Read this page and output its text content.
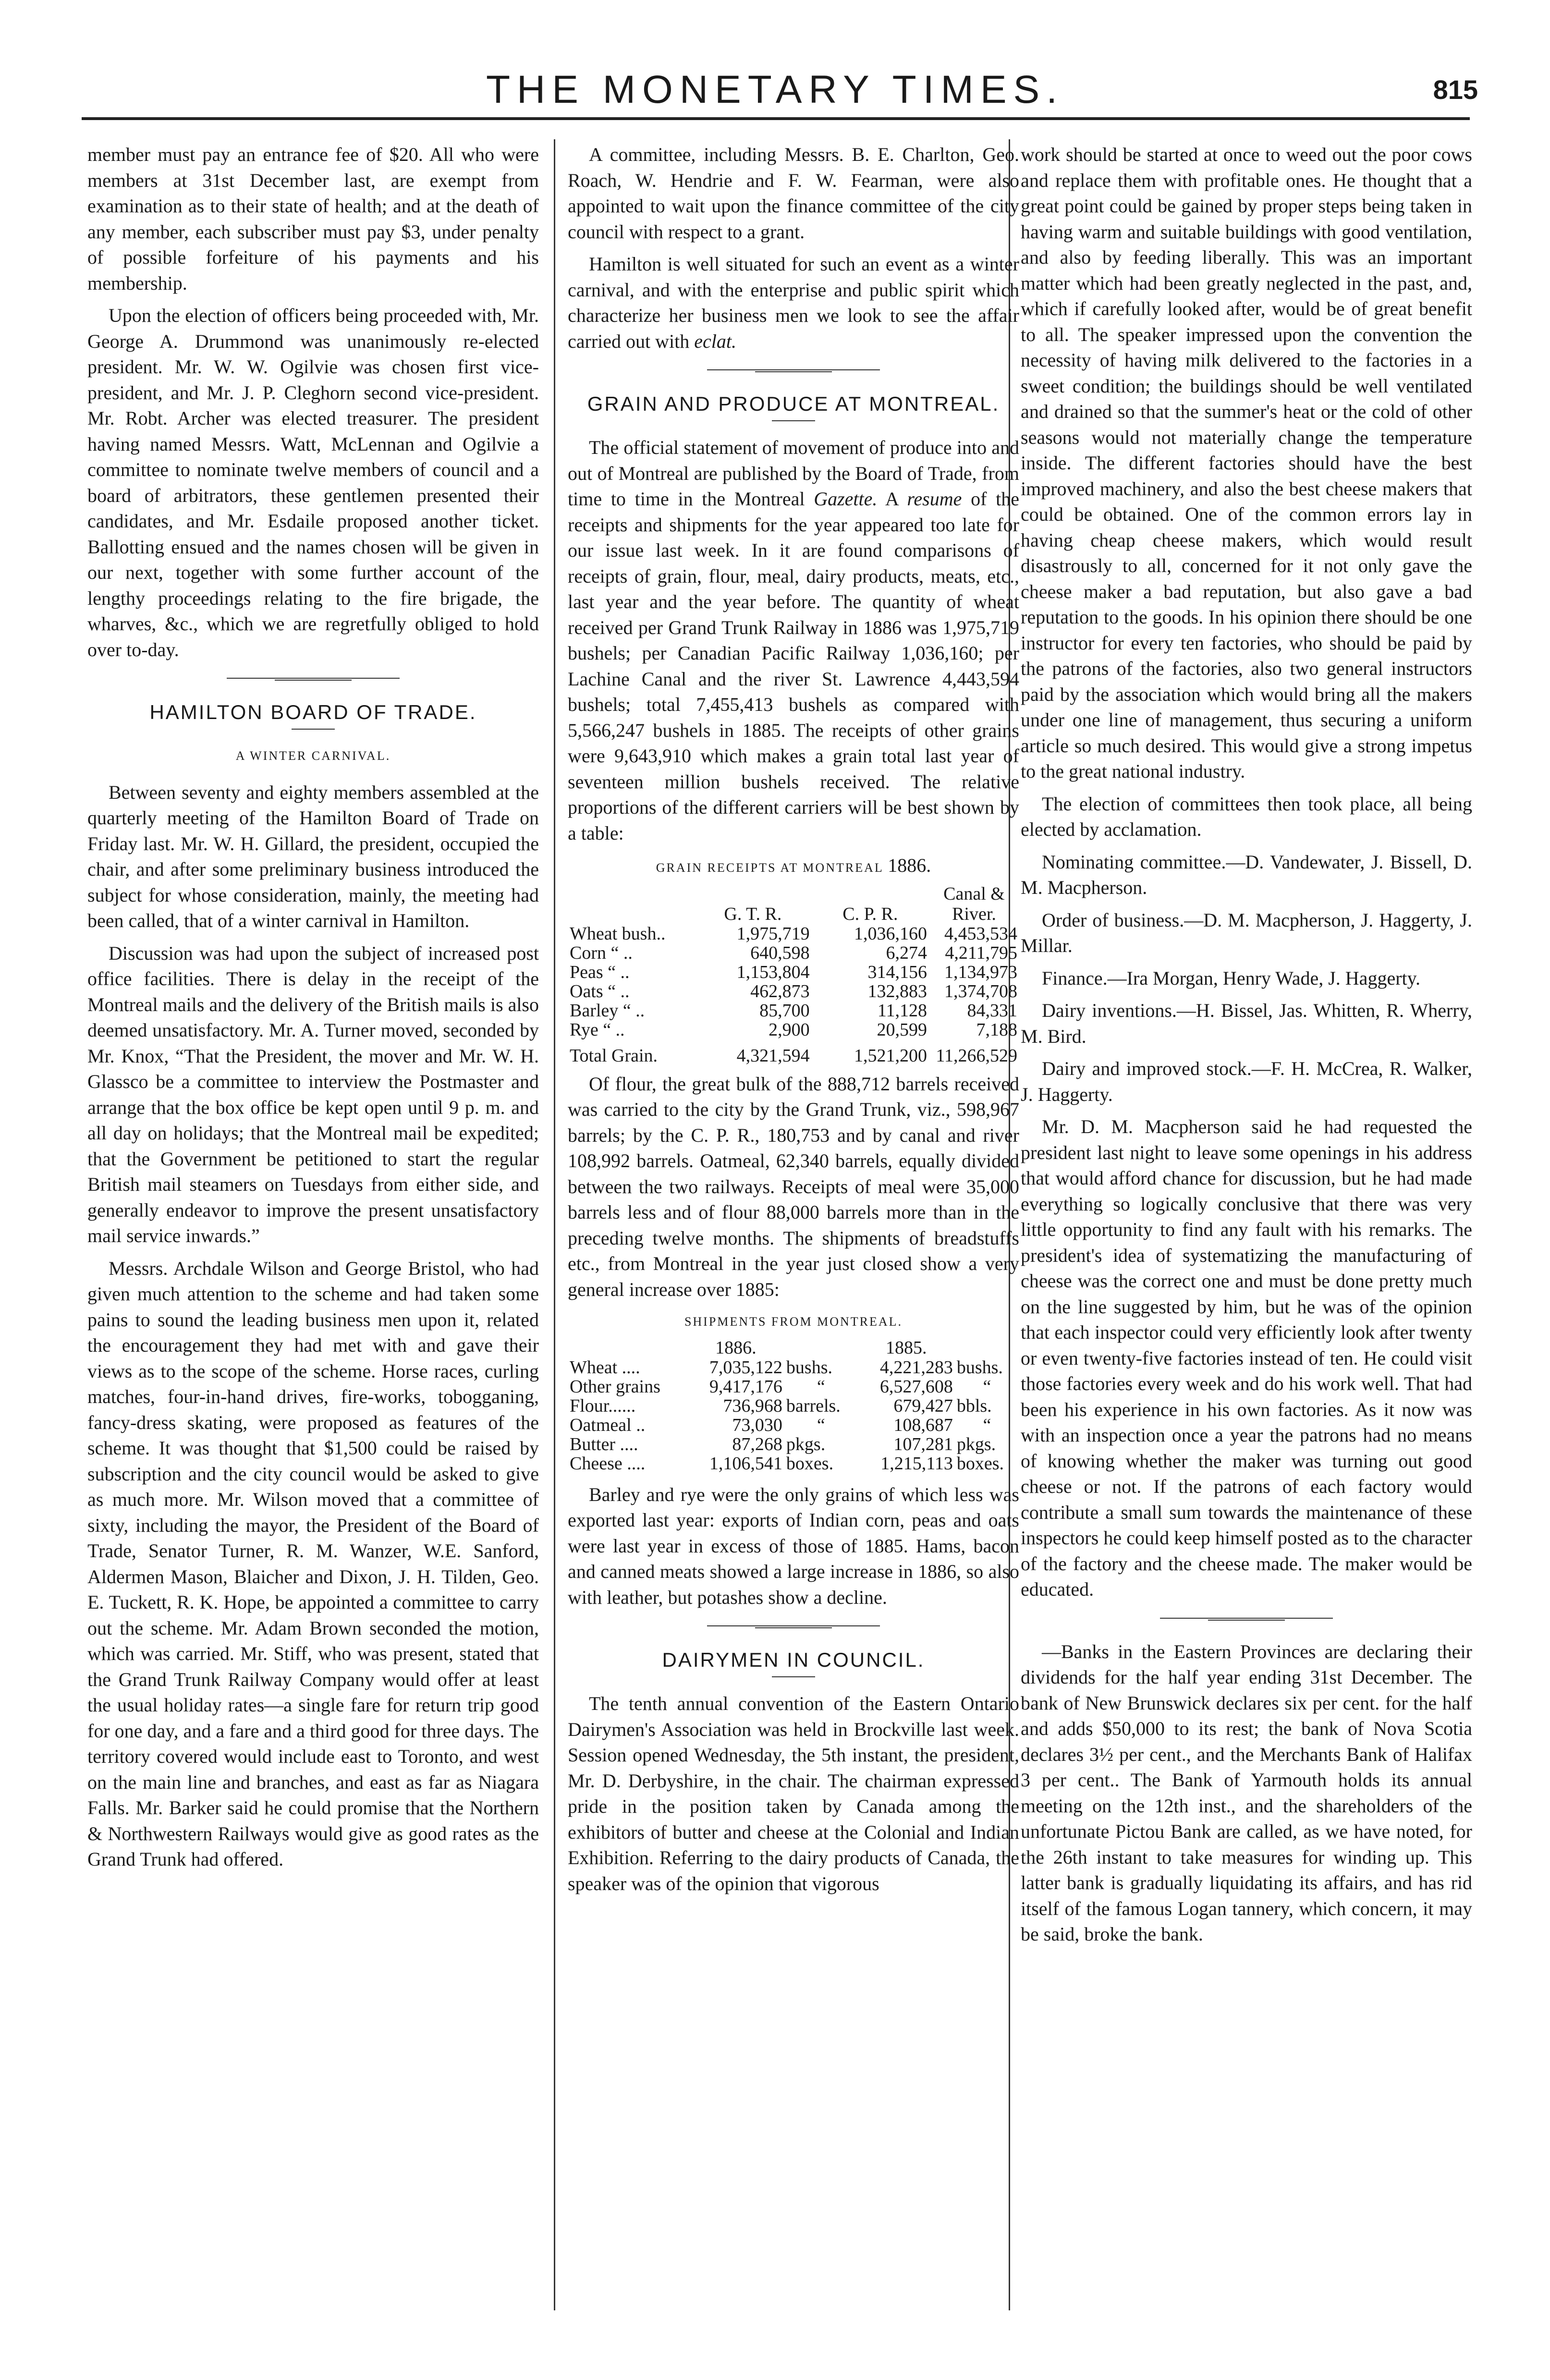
THE MONETARY TIMES.	815

member must pay an entrance fee of $20. All who were members at 31st December last, are exempt from examination as to their state of health; and at the death of any member, each subscriber must pay $3, under penalty of possible forfeiture of his payments and his membership.

Upon the election of officers being proceeded with, Mr. George A. Drummond was unanimously re-elected president. Mr. W. W. Ogilvie was chosen first vice-president, and Mr. J. P. Cleghorn second vice-president. Mr. Robt. Archer was elected treasurer. The president having named Messrs. Watt, McLennan and Ogilvie a committee to nominate twelve members of council and a board of arbitrators, these gentlemen presented their candidates, and Mr. Esdaile proposed another ticket. Ballotting ensued and the names chosen will be given in our next, together with some further account of the lengthy proceedings relating to the fire brigade, the wharves, &c., which we are regretfully obliged to hold over to-day.

HAMILTON BOARD OF TRADE.
A WINTER CARNIVAL.

Between seventy and eighty members assembled at the quarterly meeting of the Hamilton Board of Trade on Friday last. Mr. W. H. Gillard, the president, occupied the chair, and after some preliminary business introduced the subject for whose consideration, mainly, the meeting had been called, that of a winter carnival in Hamilton.

Discussion was had upon the subject of increased post office facilities. There is delay in the receipt of the Montreal mails and the delivery of the British mails is also deemed unsatisfactory. Mr. A. Turner moved, seconded by Mr. Knox, “That the President, the mover and Mr. W. H. Glassco be a committee to interview the Postmaster and arrange that the box office be kept open until 9 p. m. and all day on holidays; that the Montreal mail be expedited; that the Government be petitioned to start the regular British mail steamers on Tuesdays from either side, and generally endeavor to improve the present unsatisfactory mail service inwards.”

Messrs. Archdale Wilson and George Bristol, who had given much attention to the scheme and had taken some pains to sound the leading business men upon it, related the encouragement they had met with and gave their views as to the scope of the scheme. Horse races, curling matches, four-in-hand drives, fire-works, tobogganing, fancy-dress skating, were proposed as features of the scheme. It was thought that $1,500 could be raised by subscription and the city council would be asked to give as much more. Mr. Wilson moved that a committee of sixty, including the mayor, the President of the Board of Trade, Senator Turner, R. M. Wanzer, W.E. Sanford, Aldermen Mason, Blaicher and Dixon, J. H. Tilden, Geo. E. Tuckett, R. K. Hope, be appointed a committee to carry out the scheme. Mr. Adam Brown seconded the motion, which was carried. Mr. Stiff, who was present, stated that the Grand Trunk Railway Company would offer at least the usual holiday rates—a single fare for return trip good for one day, and a fare and a third good for three days. The territory covered would include east to Toronto, and west on the main line and branches, and east as far as Niagara Falls. Mr. Barker said he could promise that the Northern & Northwestern Railways would give as good rates as the Grand Trunk had offered.

A committee, including Messrs. B. E. Charlton, Geo. Roach, W. Hendrie and F. W. Fearman, were also appointed to wait upon the finance committee of the city council with respect to a grant.

Hamilton is well situated for such an event as a winter carnival, and with the enterprise and public spirit which characterize her business men we look to see the affair carried out with eclat.

GRAIN AND PRODUCE AT MONTREAL.

The official statement of movement of produce into and out of Montreal are published by the Board of Trade, from time to time in the Montreal Gazette. A resume of the receipts and shipments for the year appeared too late for our issue last week. In it are found comparisons of receipts of grain, flour, meal, dairy products, meats, etc., last year and the year before. The quantity of wheat received per Grand Trunk Railway in 1886 was 1,975,719 bushels; per Canadian Pacific Railway 1,036,160; per Lachine Canal and the river St. Lawrence 4,443,594 bushels; total 7,455,413 bushels as compared with 5,566,247 bushels in 1885. The receipts of other grains were 9,643,910 which makes a grain total last year of seventeen million bushels received. The relative proportions of the different carriers will be best shown by a table:

GRAIN RECEIPTS AT MONTREAL 1886.
	G. T. R.	C. P. R.	Canal & River.
Wheat bush..	1,975,719	1,036,160	4,453,534
Corn “ ..	640,598	6,274	4,211,795
Peas “ ..	1,153,804	314,156	1,134,973
Oats “ ..	462,873	132,883	1,374,708
Barley “ ..	85,700	11,128	84,331
Rye “ ..	2,900	20,599	7,188
Total Grain.	4,321,594	1,521,200	11,266,529

Of flour, the great bulk of the 888,712 barrels received was carried to the city by the Grand Trunk, viz., 598,967 barrels; by the C. P. R., 180,753 and by canal and river 108,992 barrels. Oatmeal, 62,340 barrels, equally divided between the two railways. Receipts of meal were 35,000 barrels less and of flour 88,000 barrels more than in the preceding twelve months. The shipments of breadstuffs etc., from Montreal in the year just closed show a very general increase over 1885:

SHIPMENTS FROM MONTREAL.
	1886.		1885.	
Wheat ....	7,035,122	bushs.	4,221,283	bushs.
Other grains	9,417,176	“	6,527,608	“
Flour......	736,968	barrels.	679,427	bbls.
Oatmeal ..	73,030	“	108,687	“
Butter ....	87,268	pkgs.	107,281	pkgs.
Cheese ....	1,106,541	boxes.	1,215,113	boxes.

Barley and rye were the only grains of which less was exported last year: exports of Indian corn, peas and oats were last year in excess of those of 1885. Hams, bacon and canned meats showed a large increase in 1886, so also with leather, but potashes show a decline.

DAIRYMEN IN COUNCIL.

The tenth annual convention of the Eastern Ontario Dairymen's Association was held in Brockville last week. Session opened Wednesday, the 5th instant, the president, Mr. D. Derbyshire, in the chair. The chairman expressed pride in the position taken by Canada among the exhibitors of butter and cheese at the Colonial and Indian Exhibition. Referring to the dairy products of Canada, the speaker was of the opinion that vigorous

work should be started at once to weed out the poor cows and replace them with profitable ones. He thought that a great point could be gained by proper steps being taken in having warm and suitable buildings with good ventilation, and also by feeding liberally. This was an important matter which had been greatly neglected in the past, and, which if carefully looked after, would be of great benefit to all. The speaker impressed upon the convention the necessity of having milk delivered to the factories in a sweet condition; the buildings should be well ventilated and drained so that the summer's heat or the cold of other seasons would not materially change the temperature inside. The different factories should have the best improved machinery, and also the best cheese makers that could be obtained. One of the common errors lay in having cheap cheese makers, which would result disastrously to all, concerned for it not only gave the cheese maker a bad reputation, but also gave a bad reputation to the goods. In his opinion there should be one instructor for every ten factories, who should be paid by the patrons of the factories, also two general instructors paid by the association which would bring all the makers under one line of management, thus securing a uniform article so much desired. This would give a strong impetus to the great national industry.

The election of committees then took place, all being elected by acclamation.

Nominating committee.—D. Vandewater, J. Bissell, D. M. Macpherson.

Order of business.—D. M. Macpherson, J. Haggerty, J. Millar.

Finance.—Ira Morgan, Henry Wade, J. Haggerty.

Dairy inventions.—H. Bissel, Jas. Whitten, R. Wherry, M. Bird.

Dairy and improved stock.—F. H. McCrea, R. Walker, J. Haggerty.

Mr. D. M. Macpherson said he had requested the president last night to leave some openings in his address that would afford chance for discussion, but he had made everything so logically conclusive that there was very little opportunity to find any fault with his remarks. The president's idea of systematizing the manufacturing of cheese was the correct one and must be done pretty much on the line suggested by him, but he was of the opinion that each inspector could very efficiently look after twenty or even twenty-five factories instead of ten. He could visit those factories every week and do his work well. That had been his experience in his own factories. As it now was with an inspection once a year the patrons had no means of knowing whether the maker was turning out good cheese or not. If the patrons of each factory would contribute a small sum towards the maintenance of these inspectors he could keep himself posted as to the character of the factory and the cheese made. The maker would be educated.

—Banks in the Eastern Provinces are declaring their dividends for the half year ending 31st December. The bank of New Brunswick declares six per cent. for the half and adds $50,000 to its rest; the bank of Nova Scotia declares 3½ per cent., and the Merchants Bank of Halifax 3 per cent.. The Bank of Yarmouth holds its annual meeting on the 12th inst., and the shareholders of the unfortunate Pictou Bank are called, as we have noted, for the 26th instant to take measures for winding up. This latter bank is gradually liquidating its affairs, and has rid itself of the famous Logan tannery, which concern, it may be said, broke the bank.
